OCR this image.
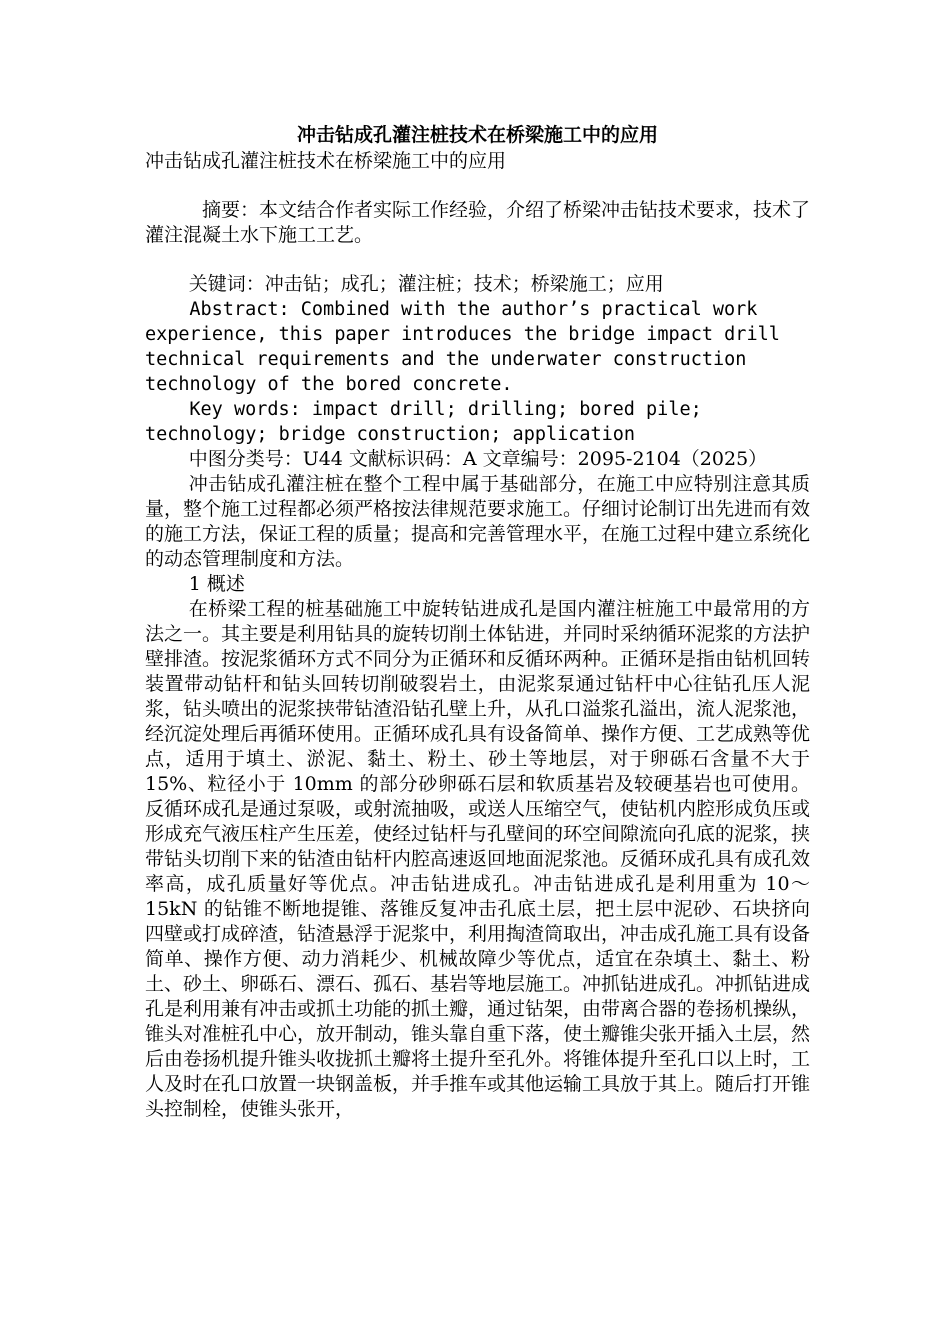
冲击钻成孔灌注桩技术在桥梁施工中的应用
冲击钻成孔灌注桩技术在桥梁施工中的应用

摘要：本文结合作者实际工作经验，介绍了桥梁冲击钻技术要求，技术了灌注混凝土水下施工工艺。

关键词：冲击钻；成孔；灌注桩；技术；桥梁施工；应用

Abstract: Combined with the author’s practical work experience, this paper introduces the bridge impact drill technical requirements and the underwater construction technology of the bored concrete.

Key words: impact drill; drilling; bored pile; technology; bridge construction; application

中图分类号：U44 文献标识码：A 文章编号：2095-2104（2025）

冲击钻成孔灌注桩在整个工程中属于基础部分，在施工中应特别注意其质量，整个施工过程都必须严格按法律规范要求施工。仔细讨论制订出先进而有效的施工方法，保证工程的质量；提高和完善管理水平，在施工过程中建立系统化的动态管理制度和方法。

1 概述

在桥梁工程的桩基础施工中旋转钻进成孔是国内灌注桩施工中最常用的方法之一。其主要是利用钻具的旋转切削土体钻进，并同时采纳循环泥浆的方法护壁排渣。按泥浆循环方式不同分为正循环和反循环两种。正循环是指由钻机回转装置带动钻杆和钻头回转切削破裂岩土，由泥浆泵通过钻杆中心往钻孔压人泥浆，钻头喷出的泥浆挟带钻渣沿钻孔壁上升，从孔口溢浆孔溢出，流人泥浆池，经沉淀处理后再循环使用。正循环成孔具有设备简单、操作方便、工艺成熟等优点，适用于填土、淤泥、黏土、粉土、砂土等地层，对于卵砾石含量不大于 15%、粒径小于 10mm 的部分砂卵砾石层和软质基岩及较硬基岩也可使用。反循环成孔是通过泵吸，或射流抽吸，或送人压缩空气，使钻机内腔形成负压或形成充气液压柱产生压差，使经过钻杆与孔壁间的环空间隙流向孔底的泥浆，挟带钻头切削下来的钻渣由钻杆内腔高速返回地面泥浆池。反循环成孔具有成孔效率高，成孔质量好等优点。冲击钻进成孔。冲击钻进成孔是利用重为 10～15kN 的钻锥不断地提锥、落锥反复冲击孔底土层，把土层中泥砂、石块挤向四壁或打成碎渣，钻渣悬浮于泥浆中，利用掏渣筒取出，冲击成孔施工具有设备简单、操作方便、动力消耗少、机械故障少等优点，适宜在杂填土、黏土、粉土、砂土、卵砾石、漂石、孤石、基岩等地层施工。冲抓钻进成孔。冲抓钻进成孔是利用兼有冲击或抓土功能的抓土瓣，通过钻架，由带离合器的卷扬机操纵，锥头对准桩孔中心，放开制动，锥头靠自重下落，使土瓣锥尖张开插入土层，然后由卷扬机提升锥头收拢抓土瓣将土提升至孔外。将锥体提升至孔口以上时，工人及时在孔口放置一块钢盖板，并手推车或其他运输工具放于其上。随后打开锥头控制栓，使锥头张开，
